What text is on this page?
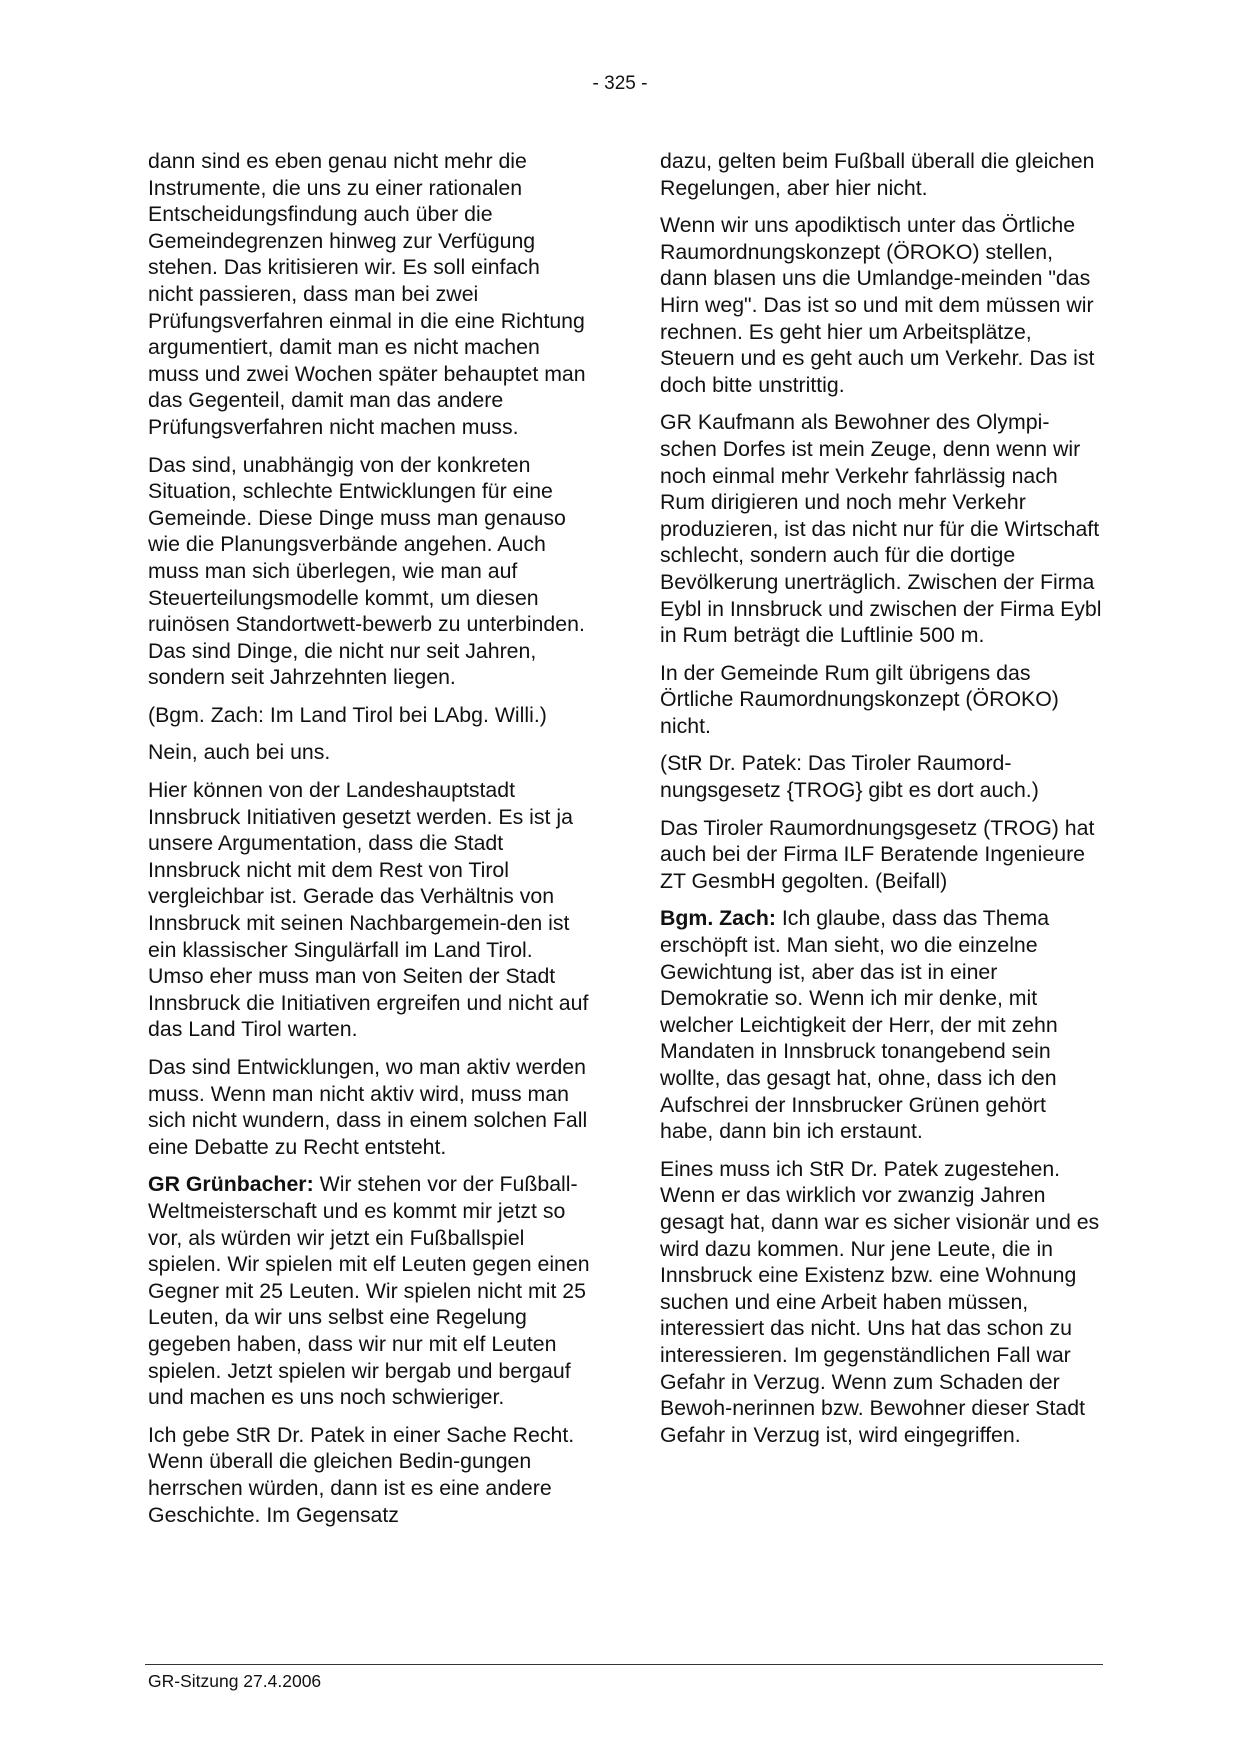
- 325 -

dann sind es eben genau nicht mehr die Instrumente, die uns zu einer rationalen Entscheidungsfindung auch über die Gemeindegrenzen hinweg zur Verfügung stehen. Das kritisieren wir. Es soll einfach nicht passieren, dass man bei zwei Prüfungsverfahren einmal in die eine Richtung argumentiert, damit man es nicht machen muss und zwei Wochen später behauptet man das Gegenteil, damit man das andere Prüfungsverfahren nicht machen muss.

Das sind, unabhängig von der konkreten Situation, schlechte Entwicklungen für eine Gemeinde. Diese Dinge muss man genauso wie die Planungsverbände angehen. Auch muss man sich überlegen, wie man auf Steuerteilungsmodelle kommt, um diesen ruinösen Standortwett-bewerb zu unterbinden. Das sind Dinge, die nicht nur seit Jahren, sondern seit Jahrzehnten liegen.

(Bgm. Zach: Im Land Tirol bei LAbg. Willi.)

Nein, auch bei uns.

Hier können von der Landeshauptstadt Innsbruck Initiativen gesetzt werden. Es ist ja unsere Argumentation, dass die Stadt Innsbruck nicht mit dem Rest von Tirol vergleichbar ist. Gerade das Verhältnis von Innsbruck mit seinen Nachbargemein-den ist ein klassischer Singulärfall im Land Tirol. Umso eher muss man von Seiten der Stadt Innsbruck die Initiativen ergreifen und nicht auf das Land Tirol warten.

Das sind Entwicklungen, wo man aktiv werden muss. Wenn man nicht aktiv wird, muss man sich nicht wundern, dass in einem solchen Fall eine Debatte zu Recht entsteht.

GR Grünbacher: Wir stehen vor der Fußball-Weltmeisterschaft und es kommt mir jetzt so vor, als würden wir jetzt ein Fußballspiel spielen. Wir spielen mit elf Leuten gegen einen Gegner mit 25 Leuten. Wir spielen nicht mit 25 Leuten, da wir uns selbst eine Regelung gegeben haben, dass wir nur mit elf Leuten spielen. Jetzt spielen wir bergab und bergauf und machen es uns noch schwieriger.

Ich gebe StR Dr. Patek in einer Sache Recht. Wenn überall die gleichen Bedin-gungen herrschen würden, dann ist es eine andere Geschichte. Im Gegensatz

dazu, gelten beim Fußball überall die gleichen Regelungen, aber hier nicht.

Wenn wir uns apodiktisch unter das Örtliche Raumordnungskonzept (ÖROKO) stellen, dann blasen uns die Umlandge-meinden "das Hirn weg". Das ist so und mit dem müssen wir rechnen. Es geht hier um Arbeitsplätze, Steuern und es geht auch um Verkehr. Das ist doch bitte unstrittig.

GR Kaufmann als Bewohner des Olympi-schen Dorfes ist mein Zeuge, denn wenn wir noch einmal mehr Verkehr fahrlässig nach Rum dirigieren und noch mehr Verkehr produzieren, ist das nicht nur für die Wirtschaft schlecht, sondern auch für die dortige Bevölkerung unerträglich. Zwischen der Firma Eybl in Innsbruck und zwischen der Firma Eybl in Rum beträgt die Luftlinie 500 m.

In der Gemeinde Rum gilt übrigens das Örtliche Raumordnungskonzept (ÖROKO) nicht.

(StR Dr. Patek: Das Tiroler Raumord-nungsgesetz {TROG} gibt es dort auch.)

Das Tiroler Raumordnungsgesetz (TROG) hat auch bei der Firma ILF Beratende Ingenieure ZT GesmbH gegolten. (Beifall)

Bgm. Zach: Ich glaube, dass das Thema erschöpft ist. Man sieht, wo die einzelne Gewichtung ist, aber das ist in einer Demokratie so. Wenn ich mir denke, mit welcher Leichtigkeit der Herr, der mit zehn Mandaten in Innsbruck tonangebend sein wollte, das gesagt hat, ohne, dass ich den Aufschrei der Innsbrucker Grünen gehört habe, dann bin ich erstaunt.

Eines muss ich StR Dr. Patek zugestehen. Wenn er das wirklich vor zwanzig Jahren gesagt hat, dann war es sicher visionär und es wird dazu kommen. Nur jene Leute, die in Innsbruck eine Existenz bzw. eine Wohnung suchen und eine Arbeit haben müssen, interessiert das nicht. Uns hat das schon zu interessieren. Im gegenständlichen Fall war Gefahr in Verzug. Wenn zum Schaden der Bewoh-nerinnen bzw. Bewohner dieser Stadt Gefahr in Verzug ist, wird eingegriffen.

GR-Sitzung 27.4.2006
